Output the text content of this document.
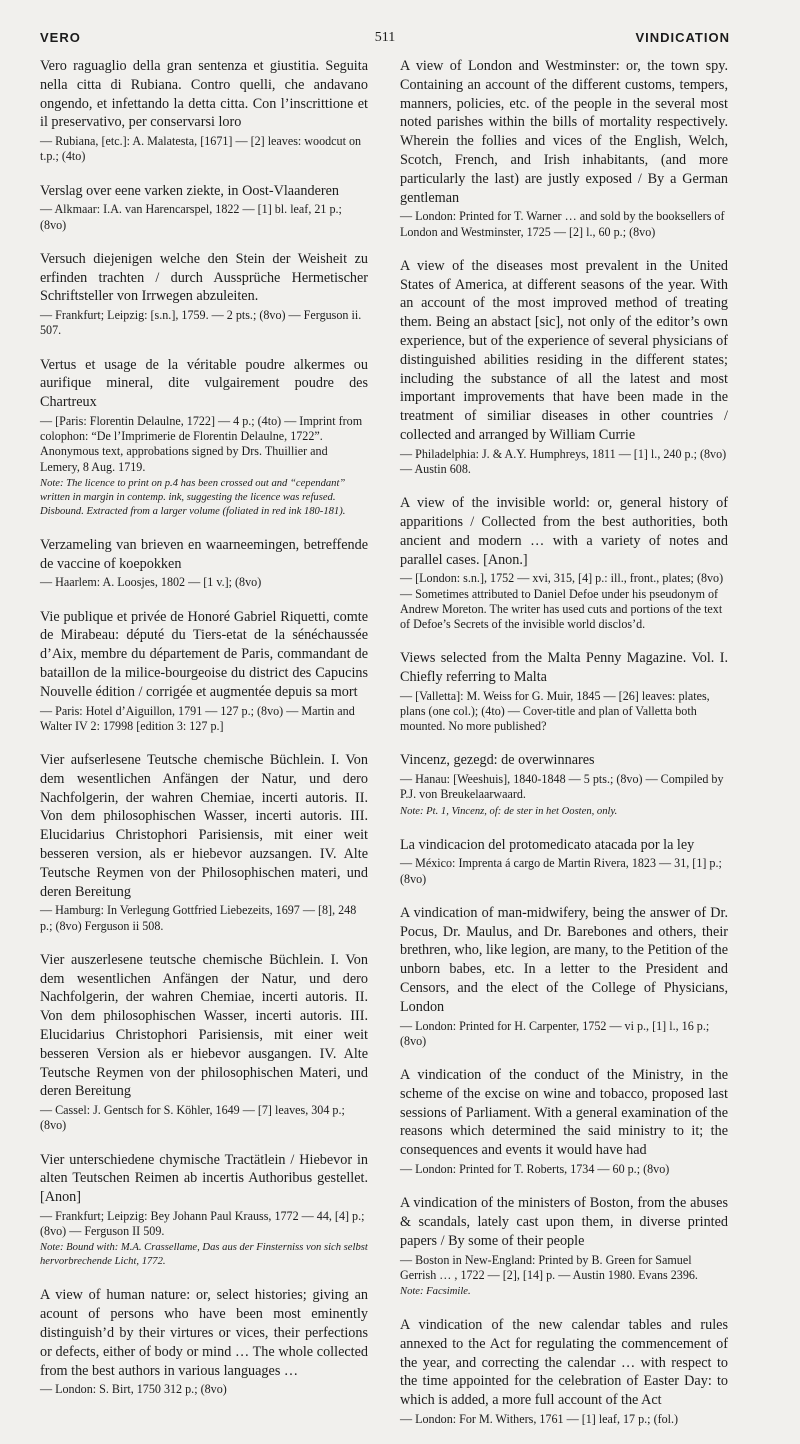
VERO	511	VINDICATION

Vero raguaglio della gran sentenza et giustitia. Seguita nella citta di Rubiana. Contro quelli, che andavano ongendo, et infettando la detta citta. Con l’inscrittione et il preservativo, per conservarsi loro

— Rubiana, [etc.]: A. Malatesta, [1671] — [2] leaves: woodcut on t.p.; (4to)

Verslag over eene varken ziekte, in Oost-Vlaanderen

— Alkmaar: I.A. van Harencarspel, 1822 — [1] bl. leaf, 21 p.; (8vo)

Versuch diejenigen welche den Stein der Weisheit zu erfinden trachten / durch Aussprüche Hermetischer Schriftsteller von Irrwegen abzuleiten.

— Frankfurt; Leipzig: [s.n.], 1759. — 2 pts.; (8vo) — Ferguson ii. 507.

Vertus et usage de la véritable poudre alkermes ou aurifique mineral, dite vulgairement poudre des Chartreux

— [Paris: Florentin Delaulne, 1722] — 4 p.; (4to) — Imprint from colophon: “De l’Imprimerie de Florentin Delaulne, 1722”. Anonymous text, approbations signed by Drs. Thuillier and Lemery, 8 Aug. 1719.

Note: The licence to print on p.4 has been crossed out and “cependant” written in margin in contemp. ink, suggesting the licence was refused. Disbound. Extracted from a larger volume (foliated in red ink 180-181).

Verzameling van brieven en waarneemingen, betreffende de vaccine of koepokken

— Haarlem: A. Loosjes, 1802 — [1 v.]; (8vo)

Vie publique et privée de Honoré Gabriel Riquetti, comte de Mirabeau: député du Tiers-etat de la sénéchaussée d’Aix, membre du département de Paris, commandant de bataillon de la milice-bourgeoise du district des Capucins Nouvelle édition / corrigée et augmentée depuis sa mort

— Paris: Hotel d’Aiguillon, 1791 — 127 p.; (8vo) — Martin and Walter IV 2: 17998 [edition 3: 127 p.]

Vier aufserlesene Teutsche chemische Büchlein. I. Von dem wesentlichen Anfängen der Natur, und dero Nachfolgerin, der wahren Chemiae, incerti autoris. II. Von dem philosophischen Wasser, incerti autoris. III. Elucidarius Christophori Parisiensis, mit einer weit besseren version, als er hiebevor auzsangen. IV. Alte Teutsche Reymen von der Philosophischen materi, und deren Bereitung

— Hamburg: In Verlegung Gottfried Liebezeits, 1697 — [8], 248 p.; (8vo) Ferguson ii 508.

Vier auszerlesene teutsche chemische Büchlein. I. Von dem wesentlichen Anfängen der Natur, und dero Nachfolgerin, der wahren Chemiae, incerti autoris. II. Von dem philosophischen Wasser, incerti autoris. III. Elucidarius Christophori Parisiensis, mit einer weit besseren Version als er hiebevor ausgangen. IV. Alte Teutsche Reymen von der philosophischen Materi, und deren Bereitung

— Cassel: J. Gentsch for S. Köhler, 1649 — [7] leaves, 304 p.; (8vo)

Vier unterschiedene chymische Tractätlein / Hiebevor in alten Teutschen Reimen ab incertis Authoribus gestellet. [Anon]

— Frankfurt; Leipzig: Bey Johann Paul Krauss, 1772 — 44, [4] p.; (8vo) — Ferguson II 509.

Note: Bound with: M.A. Crassellame, Das aus der Finsterniss von sich selbst hervorbrechende Licht, 1772.

A view of human nature: or, select histories; giving an acount of persons who have been most eminently distinguish’d by their virtures or vices, their perfections or defects, either of body or mind … The whole collected from the best authors in various languages …

— London: S. Birt, 1750 312 p.; (8vo)

A view of London and Westminster: or, the town spy. Containing an account of the different customs, tempers, manners, policies, etc. of the people in the several most noted parishes within the bills of mortality respectively. Wherein the follies and vices of the English, Welch, Scotch, French, and Irish inhabitants, (and more particularly the last) are justly exposed / By a German gentleman

— London: Printed for T. Warner … and sold by the booksellers of London and Westminster, 1725 — [2] l., 60 p.; (8vo)

A view of the diseases most prevalent in the United States of America, at different seasons of the year. With an account of the most improved method of treating them. Being an abstact [sic], not only of the editor’s own experience, but of the experience of several physicians of distinguished abilities residing in the different states; including the substance of all the latest and most important improvements that have been made in the treatment of similiar diseases in other countries / collected and arranged by William Currie

— Philadelphia: J. & A.Y. Humphreys, 1811 — [1] l., 240 p.; (8vo) — Austin 608.

A view of the invisible world: or, general history of apparitions / Collected from the best authorities, both ancient and modern … with a variety of notes and parallel cases. [Anon.]

— [London: s.n.], 1752 — xvi, 315, [4] p.: ill., front., plates; (8vo) — Sometimes attributed to Daniel Defoe under his pseudonym of Andrew Moreton. The writer has used cuts and portions of the text of Defoe’s Secrets of the invisible world disclos’d.

Views selected from the Malta Penny Magazine. Vol. I. Chiefly referring to Malta

— [Valletta]: M. Weiss for G. Muir, 1845 — [26] leaves: plates, plans (one col.); (4to) — Cover-title and plan of Valletta both mounted. No more published?

Vincenz, gezegd: de overwinnares

— Hanau: [Weeshuis], 1840-1848 — 5 pts.; (8vo) — Compiled by P.J. von Breukelaarwaard.

Note: Pt. 1, Vincenz, of: de ster in het Oosten, only.

La vindicacion del protomedicato atacada por la ley

— México: Imprenta á cargo de Martin Rivera, 1823 — 31, [1] p.; (8vo)

A vindication of man-midwifery, being the answer of Dr. Pocus, Dr. Maulus, and Dr. Barebones and others, their brethren, who, like legion, are many, to the Petition of the unborn babes, etc. In a letter to the President and Censors, and the elect of the College of Physicians, London

— London: Printed for H. Carpenter, 1752 — vi p., [1] l., 16 p.; (8vo)

A vindication of the conduct of the Ministry, in the scheme of the excise on wine and tobacco, proposed last sessions of Parliament. With a general examination of the reasons which determined the said ministry to it; the consequences and events it would have had

— London: Printed for T. Roberts, 1734 — 60 p.; (8vo)

A vindication of the ministers of Boston, from the abuses & scandals, lately cast upon them, in diverse printed papers / By some of their people

— Boston in New-England: Printed by B. Green for Samuel Gerrish … , 1722 — [2], [14] p. — Austin 1980. Evans 2396.

Note: Facsimile.

A vindication of the new calendar tables and rules annexed to the Act for regulating the commencement of the year, and correcting the calendar … with respect to the time appointed for the celebration of Easter Day: to which is added, a more full account of the Act

— London: For M. Withers, 1761 — [1] leaf, 17 p.; (fol.)
